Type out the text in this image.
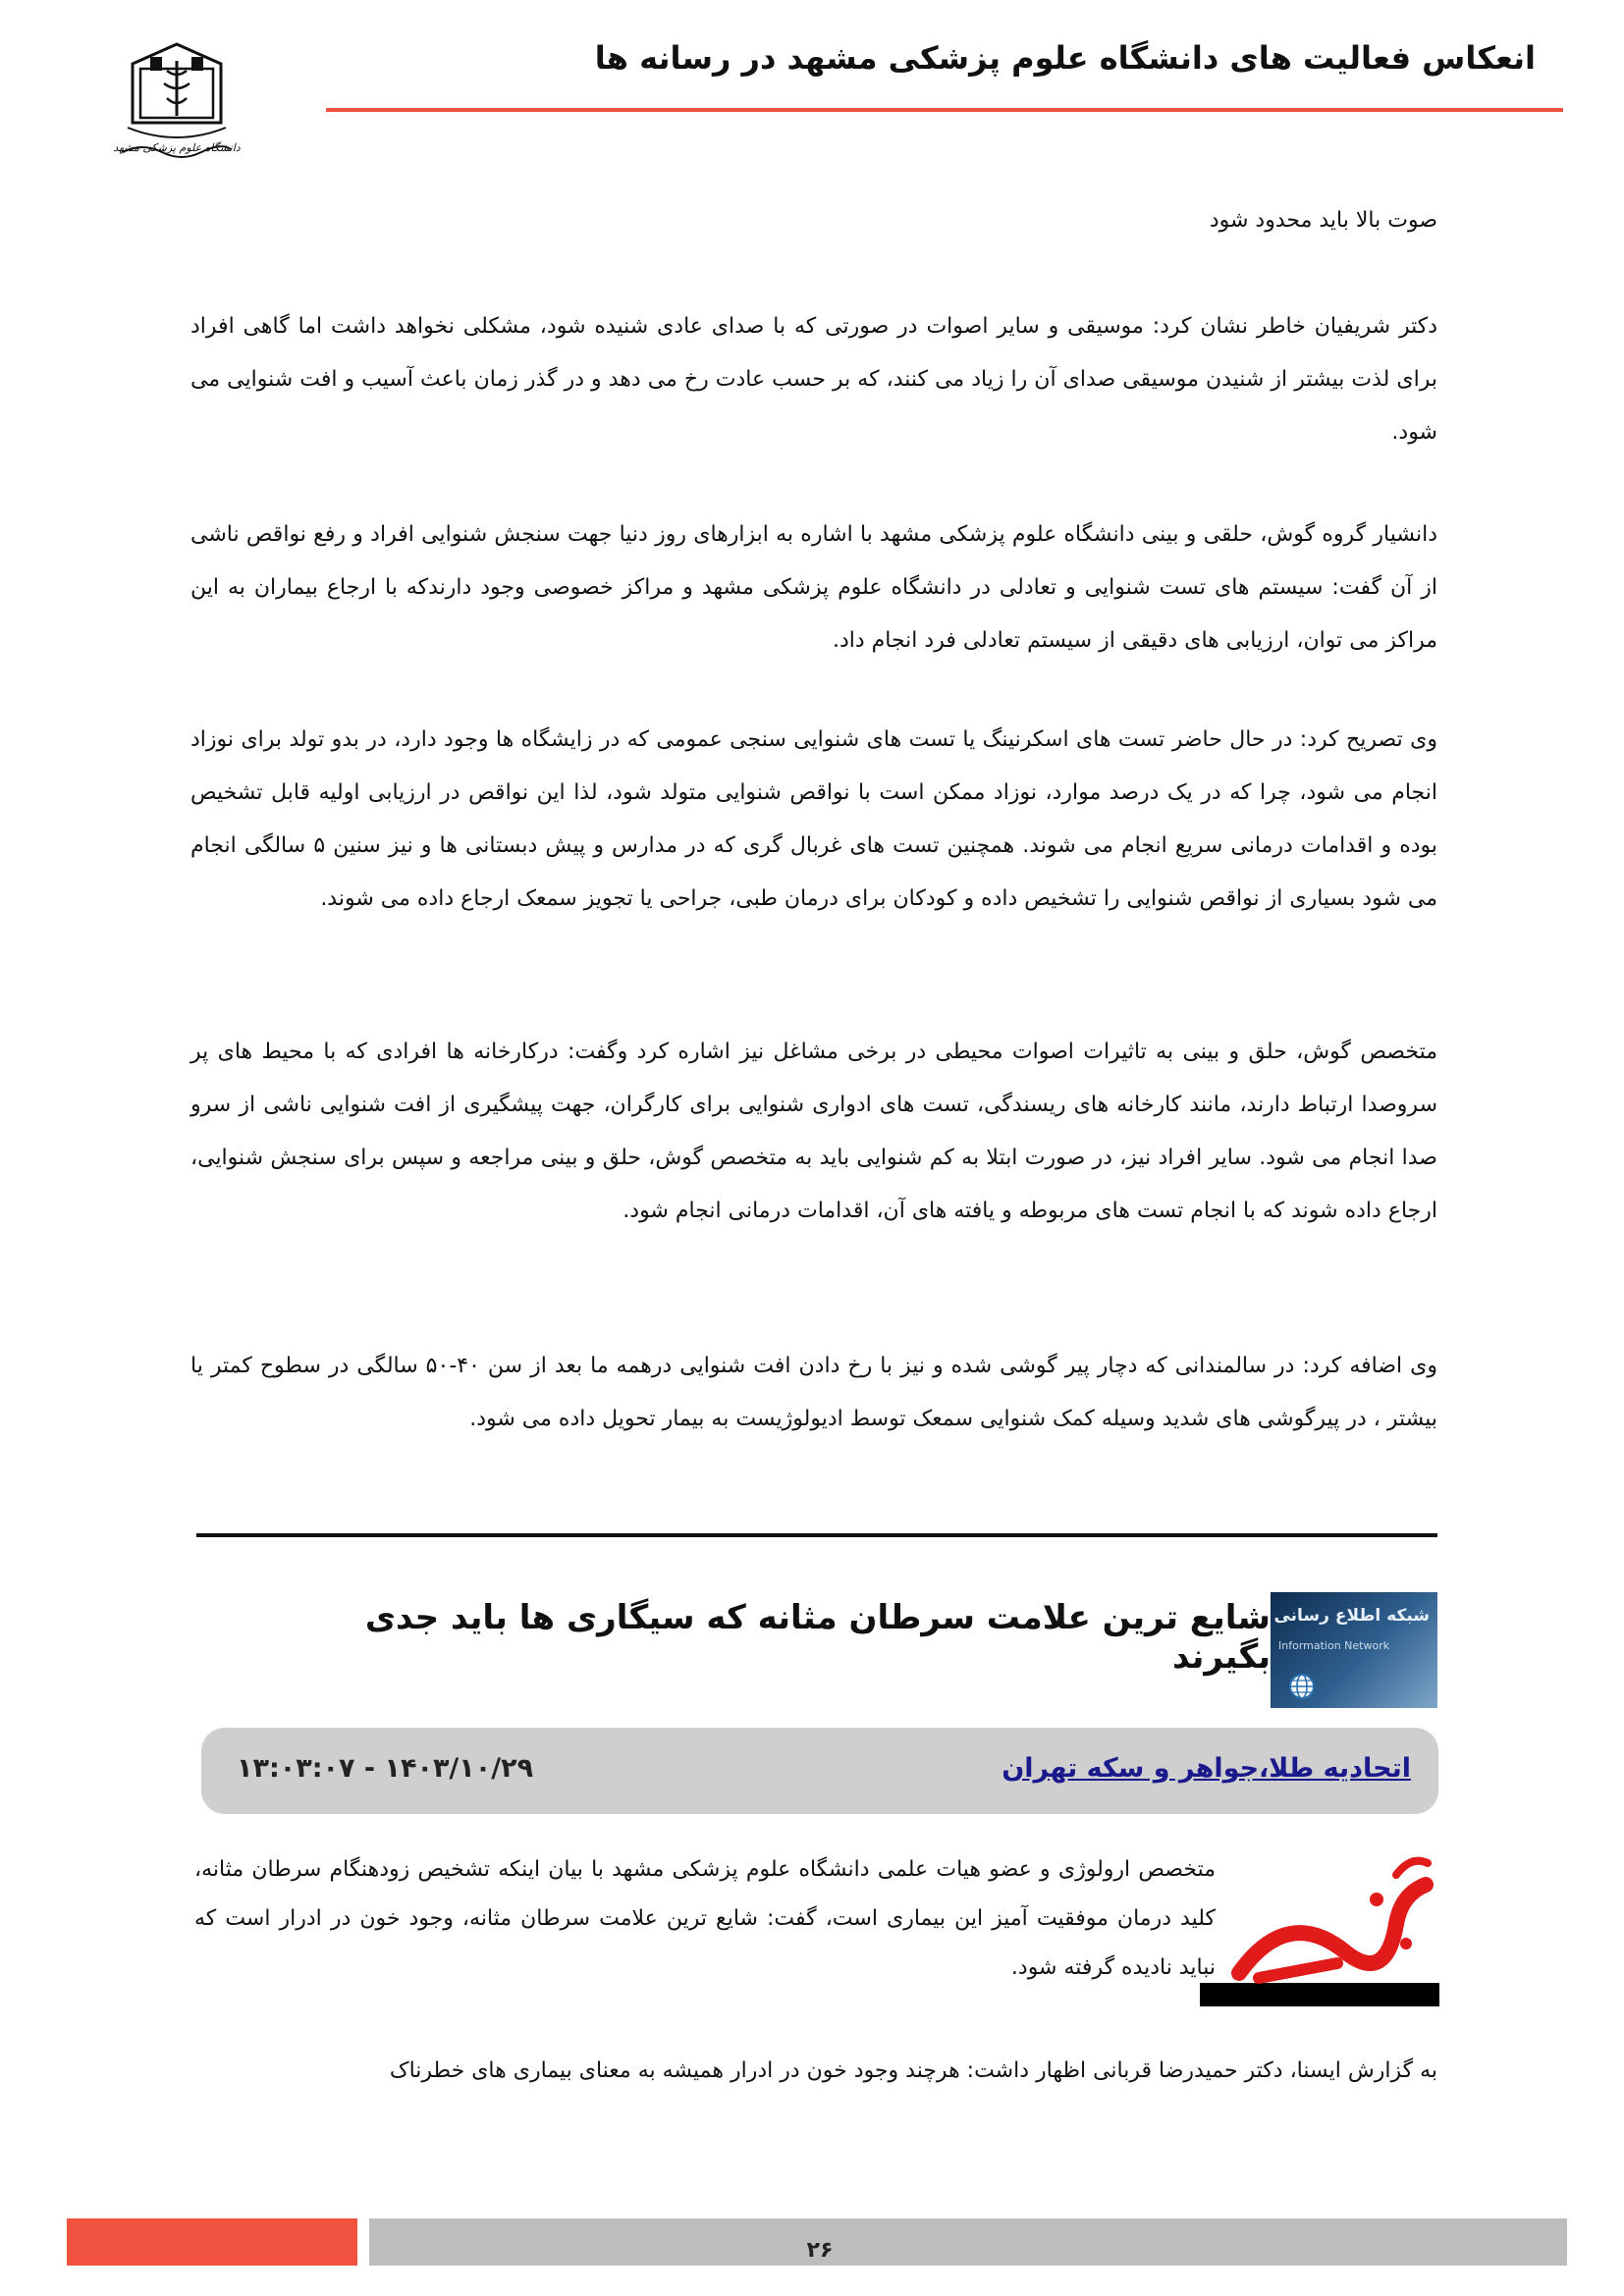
انعکاس فعالیت های دانشگاه علوم پزشکی مشهد در رسانه ها
دانشگاه علوم پزشکی مشهد

صوت بالا باید محدود شود

دکتر شریفیان خاطر نشان کرد: موسیقی و سایر اصوات در صورتی که با صدای عادی شنیده شود، مشکلی نخواهد داشت اما گاهی افراد برای لذت بیشتر از شنیدن موسیقی صدای آن را زیاد می کنند، که بر حسب عادت رخ می دهد و در گذر زمان باعث آسیب و افت شنوایی می شود.

دانشیار گروه گوش، حلقی و بینی دانشگاه علوم پزشکی مشهد با اشاره به ابزارهای روز دنیا جهت سنجش شنوایی افراد و رفع نواقص ناشی از آن گفت: سیستم های تست شنوایی و تعادلی در دانشگاه علوم پزشکی مشهد و مراکز خصوصی وجود دارندکه با ارجاع بیماران به این مراکز می توان، ارزیابی های دقیقی از سیستم تعادلی فرد انجام داد.

وی تصریح کرد: در حال حاضر تست های اسکرنینگ یا تست های شنوایی سنجی عمومی که در زایشگاه ها وجود دارد، در بدو تولد برای نوزاد انجام می شود، چرا که در یک درصد موارد، نوزاد ممکن است با نواقص شنوایی متولد شود، لذا این نواقص در ارزیابی اولیه قابل تشخیص بوده و اقدامات درمانی سریع انجام می شوند. همچنین تست های غربال گری که در مدارس و پیش دبستانی ها و نیز سنین ۵ سالگی انجام می شود بسیاری از نواقص شنوایی را تشخیص داده و کودکان برای درمان طبی، جراحی یا تجویز سمعک ارجاع داده می شوند.

متخصص گوش، حلق و بینی به تاثیرات اصوات محیطی در برخی مشاغل نیز اشاره کرد وگفت: درکارخانه ها افرادی که با محیط های پر سروصدا ارتباط دارند، مانند کارخانه های ریسندگی، تست های ادواری شنوایی برای کارگران، جهت پیشگیری از افت شنوایی ناشی از سرو صدا انجام می شود. سایر افراد نیز، در صورت ابتلا به کم شنوایی باید به متخصص گوش، حلق و بینی مراجعه و سپس برای سنجش شنوایی، ارجاع داده شوند که با انجام تست های مربوطه و یافته های آن، اقدامات درمانی انجام شود.

وی اضافه کرد: در سالمندانی که دچار پیر گوشی شده و نیز با رخ دادن افت شنوایی درهمه ما بعد از سن ۴۰-۵۰ سالگی در سطوح کمتر یا بیشتر ، در پیرگوشی های شدید وسیله کمک شنوایی سمعک توسط ادیولوژیست به بیمار تحویل داده می شود.

شایع ترین علامت سرطان مثانه که سیگاری ها باید جدی بگیرند
شبکه اطلاع رسانی
Information Network
اتحادیه طلا،جواهر و سکه تهران
۱۴۰۳/۱۰/۲۹ - ۱۳:۰۳:۰۷

متخصص ارولوژی و عضو هیات علمی دانشگاه علوم پزشکی مشهد با بیان اینکه تشخیص زودهنگام سرطان مثانه، کلید درمان موفقیت آمیز این بیماری است، گفت: شایع ترین علامت سرطان مثانه، وجود خون در ادرار است که نباید نادیده گرفته شود.

به گزارش ایسنا، دکتر حمیدرضا قربانی اظهار داشت: هرچند وجود خون در ادرار همیشه به معنای بیماری های خطرناک

۲۶
